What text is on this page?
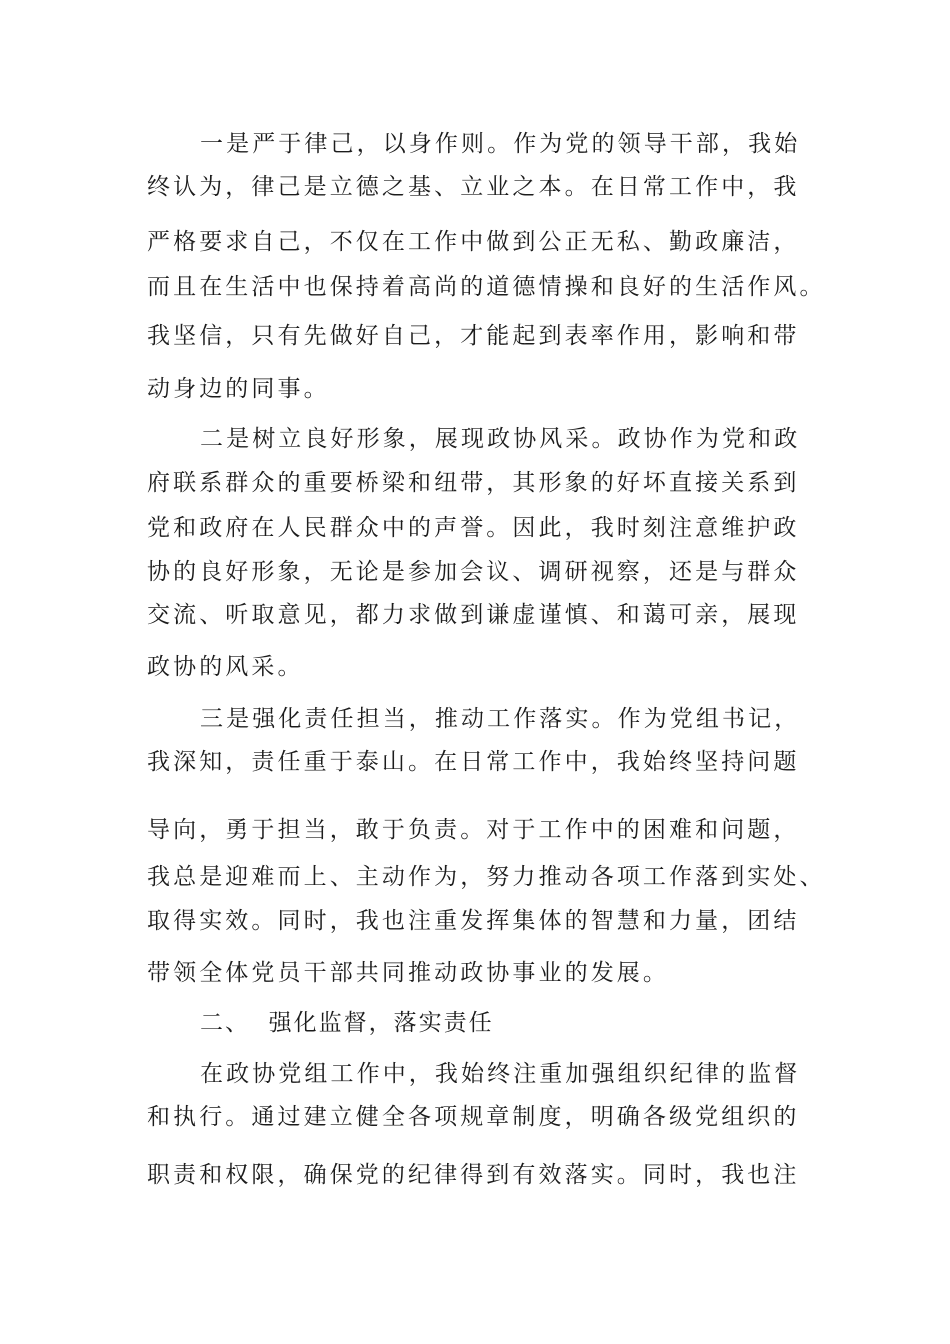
一是严于律己，以身作则。作为党的领导干部，我始

终认为，律己是立德之基、立业之本。在日常工作中，我

严格要求自己，不仅在工作中做到公正无私、勤政廉洁，

而且在生活中也保持着高尚的道德情操和良好的生活作风。

我坚信，只有先做好自己，才能起到表率作用，影响和带

动身边的同事。

二是树立良好形象，展现政协风采。政协作为党和政

府联系群众的重要桥梁和纽带，其形象的好坏直接关系到

党和政府在人民群众中的声誉。因此，我时刻注意维护政

协的良好形象，无论是参加会议、调研视察，还是与群众

交流、听取意见，都力求做到谦虚谨慎、和蔼可亲，展现

政协的风采。

三是强化责任担当，推动工作落实。作为党组书记，

我深知，责任重于泰山。在日常工作中，我始终坚持问题

导向，勇于担当，敢于负责。对于工作中的困难和问题，

我总是迎难而上、主动作为，努力推动各项工作落到实处、

取得实效。同时，我也注重发挥集体的智慧和力量，团结

带领全体党员干部共同推动政协事业的发展。

二、  强化监督，落实责任

在政协党组工作中，我始终注重加强组织纪律的监督

和执行。通过建立健全各项规章制度，明确各级党组织的

职责和权限，确保党的纪律得到有效落实。同时，我也注
